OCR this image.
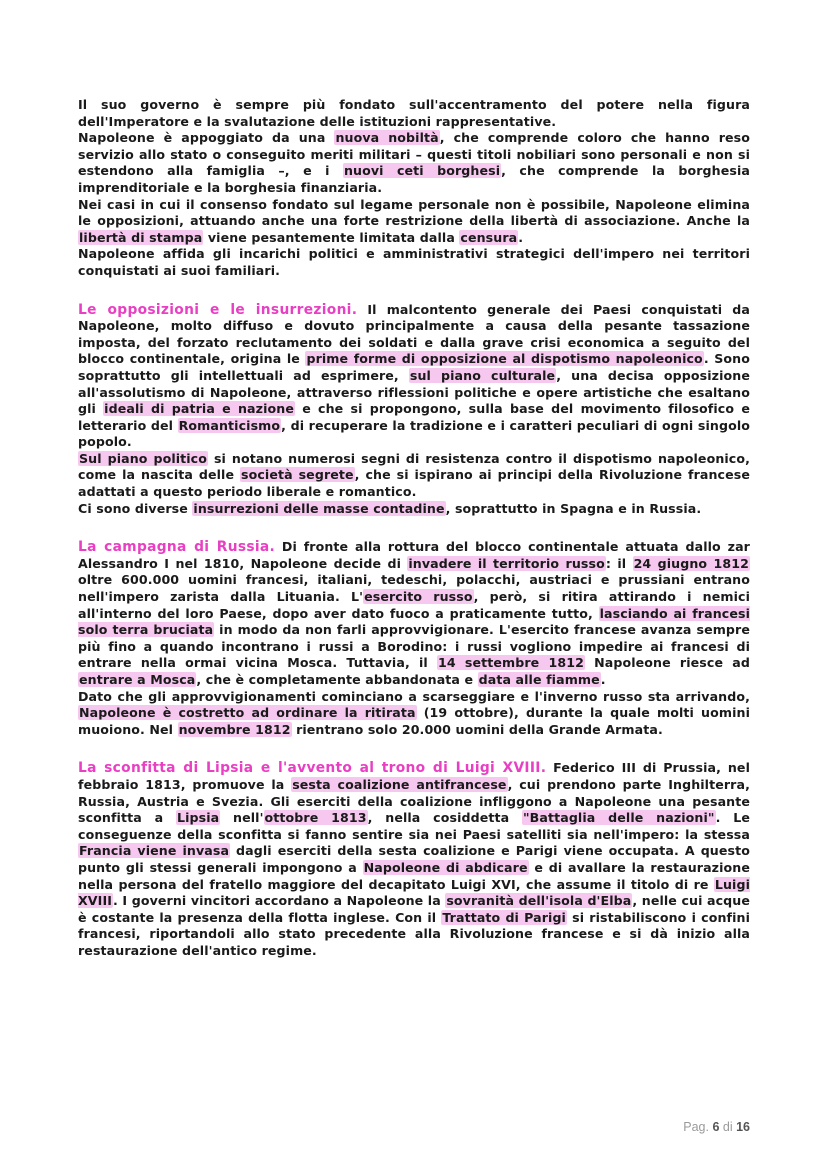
Il suo governo è sempre più fondato sull'accentramento del potere nella figura dell'Imperatore e la svalutazione delle istituzioni rappresentative.

Napoleone è appoggiato da una nuova nobiltà, che comprende coloro che hanno reso servizio allo stato o conseguito meriti militari – questi titoli nobiliari sono personali e non si estendono alla famiglia –, e i nuovi ceti borghesi, che comprende la borghesia imprenditoriale e la borghesia finanziaria.

Nei casi in cui il consenso fondato sul legame personale non è possibile, Napoleone elimina le opposizioni, attuando anche una forte restrizione della libertà di associazione. Anche la libertà di stampa viene pesantemente limitata dalla censura.

Napoleone affida gli incarichi politici e amministrativi strategici dell'impero nei territori conquistati ai suoi familiari.

Le opposizioni e le insurrezioni. Il malcontento generale dei Paesi conquistati da Napoleone, molto diffuso e dovuto principalmente a causa della pesante tassazione imposta, del forzato reclutamento dei soldati e dalla grave crisi economica a seguito del blocco continentale, origina le prime forme di opposizione al dispotismo napoleonico. Sono soprattutto gli intellettuali ad esprimere, sul piano culturale, una decisa opposizione all'assolutismo di Napoleone, attraverso riflessioni politiche e opere artistiche che esaltano gli ideali di patria e nazione e che si propongono, sulla base del movimento filosofico e letterario del Romanticismo, di recuperare la tradizione e i caratteri peculiari di ogni singolo popolo.

Sul piano politico si notano numerosi segni di resistenza contro il dispotismo napoleonico, come la nascita delle società segrete, che si ispirano ai principi della Rivoluzione francese adattati a questo periodo liberale e romantico.

Ci sono diverse insurrezioni delle masse contadine, soprattutto in Spagna e in Russia.

La campagna di Russia. Di fronte alla rottura del blocco continentale attuata dallo zar Alessandro I nel 1810, Napoleone decide di invadere il territorio russo: il 24 giugno 1812 oltre 600.000 uomini francesi, italiani, tedeschi, polacchi, austriaci e prussiani entrano nell'impero zarista dalla Lituania. L'esercito russo, però, si ritira attirando i nemici all'interno del loro Paese, dopo aver dato fuoco a praticamente tutto, lasciando ai francesi solo terra bruciata in modo da non farli approvvigionare. L'esercito francese avanza sempre più fino a quando incontrano i russi a Borodino: i russi vogliono impedire ai francesi di entrare nella ormai vicina Mosca. Tuttavia, il 14 settembre 1812 Napoleone riesce ad entrare a Mosca, che è completamente abbandonata e data alle fiamme.

Dato che gli approvvigionamenti cominciano a scarseggiare e l'inverno russo sta arrivando, Napoleone è costretto ad ordinare la ritirata (19 ottobre), durante la quale molti uomini muoiono. Nel novembre 1812 rientrano solo 20.000 uomini della Grande Armata.

La sconfitta di Lipsia e l'avvento al trono di Luigi XVIII. Federico III di Prussia, nel febbraio 1813, promuove la sesta coalizione antifrancese, cui prendono parte Inghilterra, Russia, Austria e Svezia. Gli eserciti della coalizione infliggono a Napoleone una pesante sconfitta a Lipsia nell'ottobre 1813, nella cosiddetta "Battaglia delle nazioni". Le conseguenze della sconfitta si fanno sentire sia nei Paesi satelliti sia nell'impero: la stessa Francia viene invasa dagli eserciti della sesta coalizione e Parigi viene occupata. A questo punto gli stessi generali impongono a Napoleone di abdicare e di avallare la restaurazione nella persona del fratello maggiore del decapitato Luigi XVI, che assume il titolo di re Luigi XVIII. I governi vincitori accordano a Napoleone la sovranità dell'isola d'Elba, nelle cui acque è costante la presenza della flotta inglese. Con il Trattato di Parigi si ristabiliscono i confini francesi, riportandoli allo stato precedente alla Rivoluzione francese e si dà inizio alla restaurazione dell'antico regime.

Pag. 6 di 16
